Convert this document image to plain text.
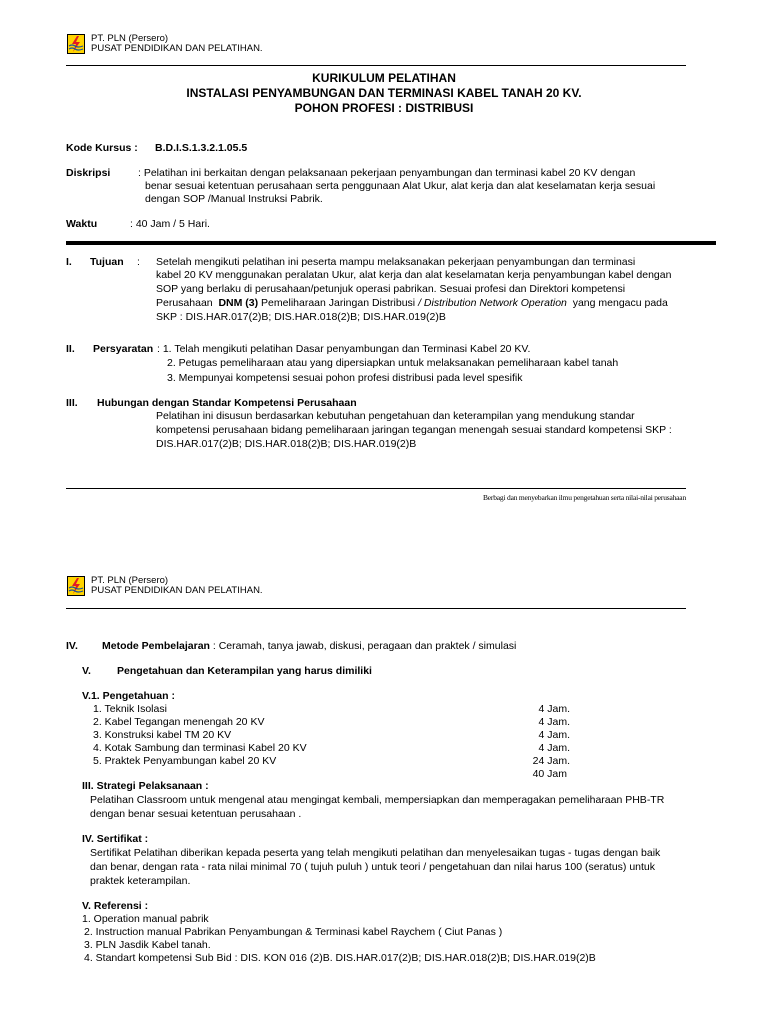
PT. PLN (Persero)
PUSAT PENDIDIKAN DAN PELATIHAN.
KURIKULUM PELATIHAN
INSTALASI PENYAMBUNGAN DAN TERMINASI KABEL TANAH 20 KV.
POHON PROFESI : DISTRIBUSI
Kode Kursus : B.D.I.S.1.3.2.1.05.5
Diskripsi	: Pelatihan ini berkaitan dengan pelaksanaan pekerjaan penyambungan dan terminasi kabel 20 KV dengan
benar sesuai ketentuan perusahaan serta penggunaan Alat Ukur, alat kerja dan alat keselamatan kerja sesuai
dengan SOP /Manual Instruksi Pabrik.
Waktu	: 40 Jam / 5 Hari.
I. Tujuan : Setelah mengikuti pelatihan ini peserta mampu melaksanakan pekerjaan penyambungan dan terminasi
kabel 20 KV menggunakan peralatan Ukur, alat kerja dan alat keselamatan kerja penyambungan kabel dengan
SOP yang berlaku di perusahaan/petunjuk operasi pabrikan. Sesuai profesi dan Direktori kompetensi
Perusahaan  DNM (3) Pemeliharaan Jaringan Distribusi / Distribution Network Operation  yang mengacu pada
SKP : DIS.HAR.017(2)B; DIS.HAR.018(2)B; DIS.HAR.019(2)B
II. Persyaratan : 1. Telah mengikuti pelatihan Dasar penyambungan dan Terminasi Kabel 20 KV.
2. Petugas pemeliharaan atau yang dipersiapkan untuk melaksanakan pemeliharaan kabel tanah
3. Mempunyai kompetensi sesuai pohon profesi distribusi pada level spesifik
III. Hubungan dengan Standar Kompetensi Perusahaan
Pelatihan ini disusun berdasarkan kebutuhan pengetahuan dan keterampilan yang mendukung standar
kompetensi perusahaan bidang pemeliharaan jaringan tegangan menengah sesuai standard kompetensi SKP :
DIS.HAR.017(2)B; DIS.HAR.018(2)B; DIS.HAR.019(2)B
Berbagi dan menyebarkan ilmu pengetahuan serta nilai-nilai perusahaan
PT. PLN (Persero)
PUSAT PENDIDIKAN DAN PELATIHAN.
IV. Metode Pembelajaran : Ceramah, tanya jawab, diskusi, peragaan dan praktek / simulasi
V. Pengetahuan dan Keterampilan yang harus dimiliki
V.1. Pengetahuan :
1. Teknik Isolasi	4 Jam.
2. Kabel Tegangan menengah 20 KV	4 Jam.
3. Konstruksi kabel TM 20 KV	4 Jam.
4. Kotak Sambung dan terminasi Kabel 20 KV	4 Jam.
5. Praktek Penyambungan kabel 20 KV	24 Jam.
40 Jam
III. Strategi Pelaksanaan :
Pelatihan Classroom untuk mengenal atau mengingat kembali, mempersiapkan dan memperagakan pemeliharaan PHB-TR
dengan benar sesuai ketentuan perusahaan .
IV. Sertifikat :
Sertifikat Pelatihan diberikan kepada peserta yang telah mengikuti pelatihan dan menyelesaikan tugas - tugas dengan baik
dan benar, dengan rata - rata nilai minimal 70 ( tujuh puluh ) untuk teori / pengetahuan dan nilai harus 100 (seratus) untuk
praktek keterampilan.
V. Referensi :
1. Operation manual pabrik
2. Instruction manual Pabrikan Penyambungan & Terminasi kabel Raychem ( Ciut Panas )
3. PLN Jasdik Kabel tanah.
4. Standart kompetensi Sub Bid : DIS. KON 016 (2)B. DIS.HAR.017(2)B; DIS.HAR.018(2)B; DIS.HAR.019(2)B
